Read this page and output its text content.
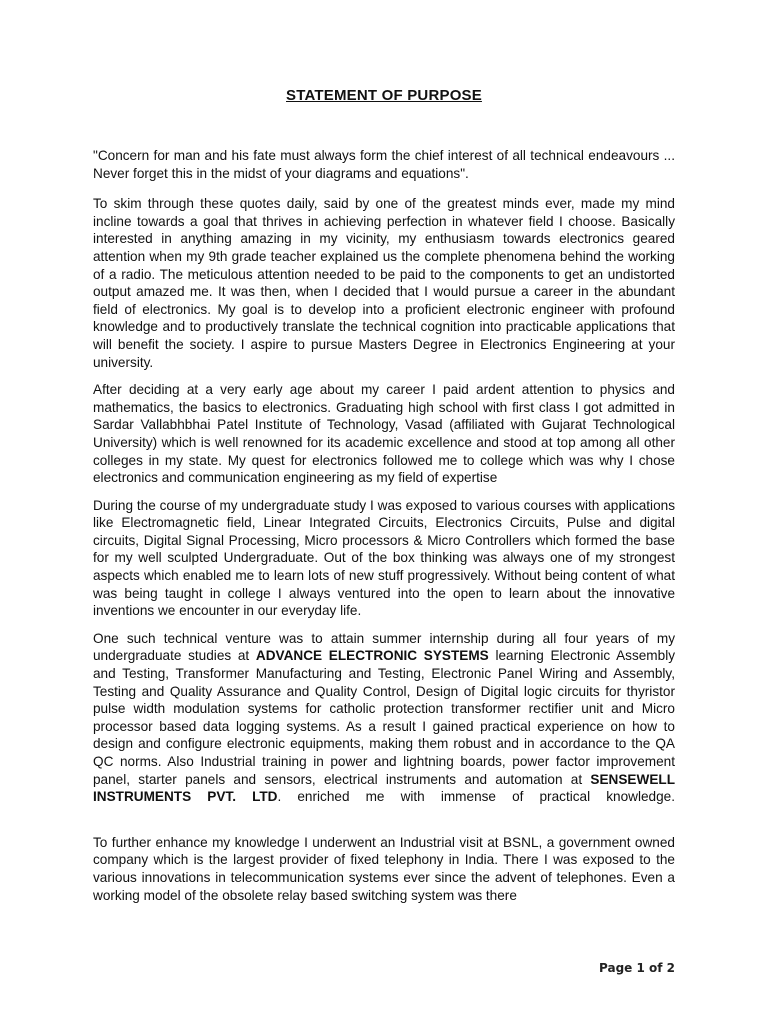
STATEMENT OF PURPOSE

"Concern for man and his fate must always form the chief interest of all technical endeavours ... Never forget this in the midst of your diagrams and equations".

To skim through these quotes daily, said by one of the greatest minds ever, made my mind incline towards a goal that thrives in achieving perfection in whatever field I choose. Basically interested in anything amazing in my vicinity, my enthusiasm towards electronics geared attention when my 9th grade teacher explained us the complete phenomena behind the working of a radio. The meticulous attention needed to be paid to the components to get an undistorted output amazed me. It was then, when I decided that I would pursue a career in the abundant field of electronics. My goal is to develop into a proficient electronic engineer with profound knowledge and to productively translate the technical cognition into practicable applications that will benefit the society. I aspire to pursue Masters Degree in Electronics Engineering at your university.

After deciding at a very early age about my career I paid ardent attention to physics and mathematics, the basics to electronics. Graduating high school with first class I got admitted in Sardar Vallabhbhai Patel Institute of Technology, Vasad (affiliated with Gujarat Technological University) which is well renowned for its academic excellence and stood at top among all other colleges in my state. My quest for electronics followed me to college which was why I chose electronics and communication engineering as my field of expertise

During the course of my undergraduate study I was exposed to various courses with applications like Electromagnetic field, Linear Integrated Circuits, Electronics Circuits, Pulse and digital circuits, Digital Signal Processing, Micro processors & Micro Controllers which formed the base for my well sculpted Undergraduate. Out of the box thinking was always one of my strongest aspects which enabled me to learn lots of new stuff progressively. Without being content of what was being taught in college I always ventured into the open to learn about the innovative inventions we encounter in our everyday life.

One such technical venture was to attain summer internship during all four years of my undergraduate studies at ADVANCE ELECTRONIC SYSTEMS learning Electronic Assembly and Testing, Transformer Manufacturing and Testing, Electronic Panel Wiring and Assembly, Testing and Quality Assurance and Quality Control, Design of Digital logic circuits for thyristor pulse width modulation systems for catholic protection transformer rectifier unit and Micro processor based data logging systems. As a result I gained practical experience on how to design and configure electronic equipments, making them robust and in accordance to the QA QC norms. Also Industrial training in power and lightning boards, power factor improvement panel, starter panels and sensors, electrical instruments and automation at SENSEWELL INSTRUMENTS PVT. LTD. enriched me with immense of practical knowledge.

To further enhance my knowledge I underwent an Industrial visit at BSNL, a government owned company which is the largest provider of fixed telephony in India. There I was exposed to the various innovations in telecommunication systems ever since the advent of telephones. Even a working model of the obsolete relay based switching system was there

Page 1 of 2
